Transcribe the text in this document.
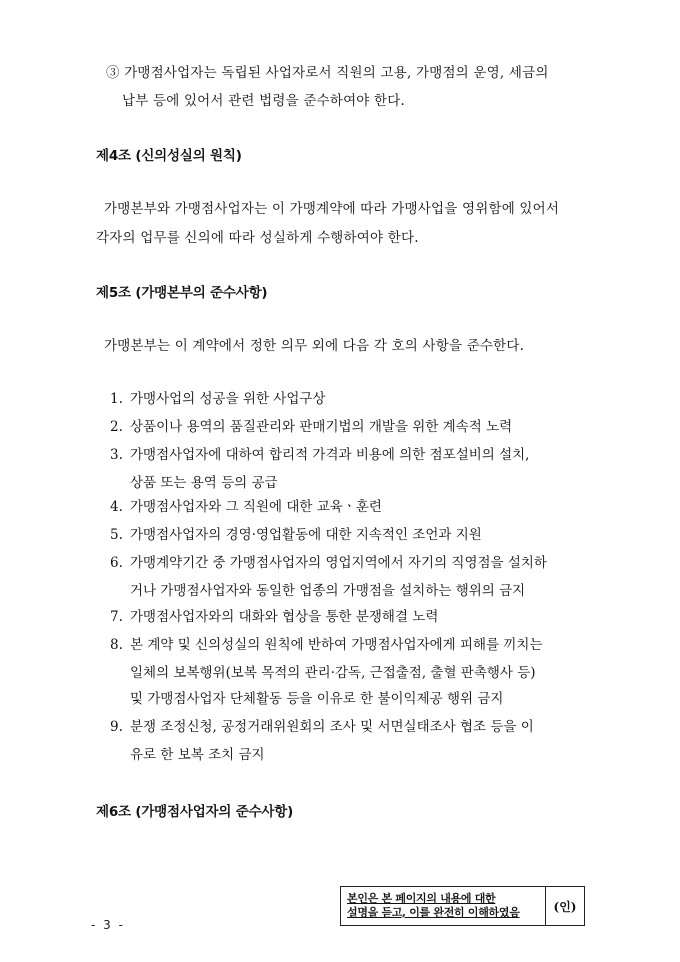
③ 가맹점사업자는 독립된 사업자로서 직원의 고용, 가맹점의 운영, 세금의
납부 등에 있어서 관련 법령을 준수하여야 한다.
제4조 (신의성실의 원칙)
가맹본부와 가맹점사업자는 이 가맹계약에 따라 가맹사업을 영위함에 있어서
각자의 업무를 신의에 따라 성실하게 수행하여야 한다.
제5조 (가맹본부의 준수사항)
가맹본부는 이 계약에서 정한 의무 외에 다음 각 호의 사항을 준수한다.
1. 가맹사업의 성공을 위한 사업구상
2. 상품이나 용역의 품질관리와 판매기법의 개발을 위한 계속적 노력
3. 가맹점사업자에 대하여 합리적 가격과 비용에 의한 점포설비의 설치,
상품 또는 용역 등의 공급
4. 가맹점사업자와 그 직원에 대한 교육ㆍ훈련
5. 가맹점사업자의 경영·영업활동에 대한 지속적인 조언과 지원
6. 가맹계약기간 중 가맹점사업자의 영업지역에서 자기의 직영점을 설치하
거나 가맹점사업자와 동일한 업종의 가맹점을 설치하는 행위의 금지
7. 가맹점사업자와의 대화와 협상을 통한 분쟁해결 노력
8. 본 계약 및 신의성실의 원칙에 반하여 가맹점사업자에게 피해를 끼치는
일체의 보복행위(보복 목적의 관리·감독, 근접출점, 출혈 판촉행사 등)
및 가맹점사업자 단체활동 등을 이유로 한 불이익제공 행위 금지
9. 분쟁 조정신청, 공정거래위원회의 조사 및 서면실태조사 협조 등을 이
유로 한 보복 조치 금지
제6조 (가맹점사업자의 준수사항)
본인은 본 페이지의 내용에 대한
설명을 듣고, 이를 완전히 이해하였음	(인)
- 3 -
